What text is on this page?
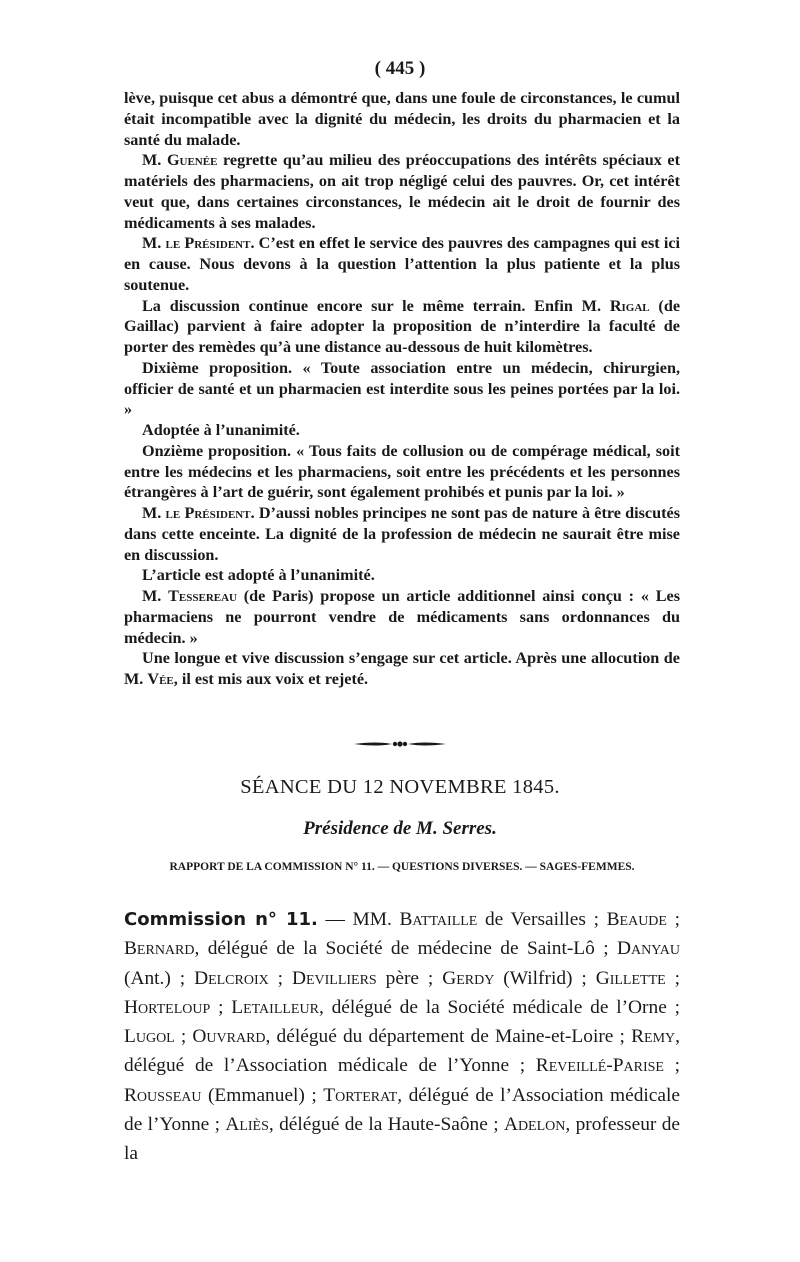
( 445 )

lève, puisque cet abus a démontré que, dans une foule de circonstances, le cumul était incompatible avec la dignité du médecin, les droits du pharmacien et la santé du malade.

M. Guenée regrette qu’au milieu des préoccupations des intérêts spéciaux et matériels des pharmaciens, on ait trop négligé celui des pauvres. Or, cet intérêt veut que, dans certaines circonstances, le médecin ait le droit de fournir des médicaments à ses malades.

M. le Président. C’est en effet le service des pauvres des campagnes qui est ici en cause. Nous devons à la question l’attention la plus patiente et la plus soutenue.

La discussion continue encore sur le même terrain. Enfin M. Rigal (de Gaillac) parvient à faire adopter la proposition de n’interdire la faculté de porter des remèdes qu’à une distance au-dessous de huit kilomètres.

Dixième proposition. « Toute association entre un médecin, chirurgien, officier de santé et un pharmacien est interdite sous les peines portées par la loi. »

Adoptée à l’unanimité.

Onzième proposition. « Tous faits de collusion ou de compérage médical, soit entre les médecins et les pharmaciens, soit entre les précédents et les personnes étrangères à l’art de guérir, sont également prohibés et punis par la loi. »

M. le Président. D’aussi nobles principes ne sont pas de nature à être discutés dans cette enceinte. La dignité de la profession de médecin ne saurait être mise en discussion.

L’article est adopté à l’unanimité.

M. Tessereau (de Paris) propose un article additionnel ainsi conçu : « Les pharmaciens ne pourront vendre de médicaments sans ordonnances du médecin. »

Une longue et vive discussion s’engage sur cet article. Après une allocution de M. Vée, il est mis aux voix et rejeté.

SÉANCE DU 12 NOVEMBRE 1845.
Présidence de M. Serres.
RAPPORT DE LA COMMISSION N° 11. — QUESTIONS DIVERSES. — SAGES-FEMMES.
Commission n° 11. — MM. Battaille de Versailles ; Beaude ; Bernard, délégué de la Société de médecine de Saint-Lô ; Danyau (Ant.) ; Delcroix ; Devilliers père ; Gerdy (Wilfrid) ; Gillette ; Horteloup ; Letailleur, délégué de la Société médicale de l’Orne ; Lugol ; Ouvrard, délégué du département de Maine-et-Loire ; Remy, délégué de l’Association médicale de l’Yonne ; Reveillé-Parise ; Rousseau (Emmanuel) ; Torterat, délégué de l’Association médicale de l’Yonne ; Aliès, délégué de la Haute-Saône ; Adelon, professeur de la
